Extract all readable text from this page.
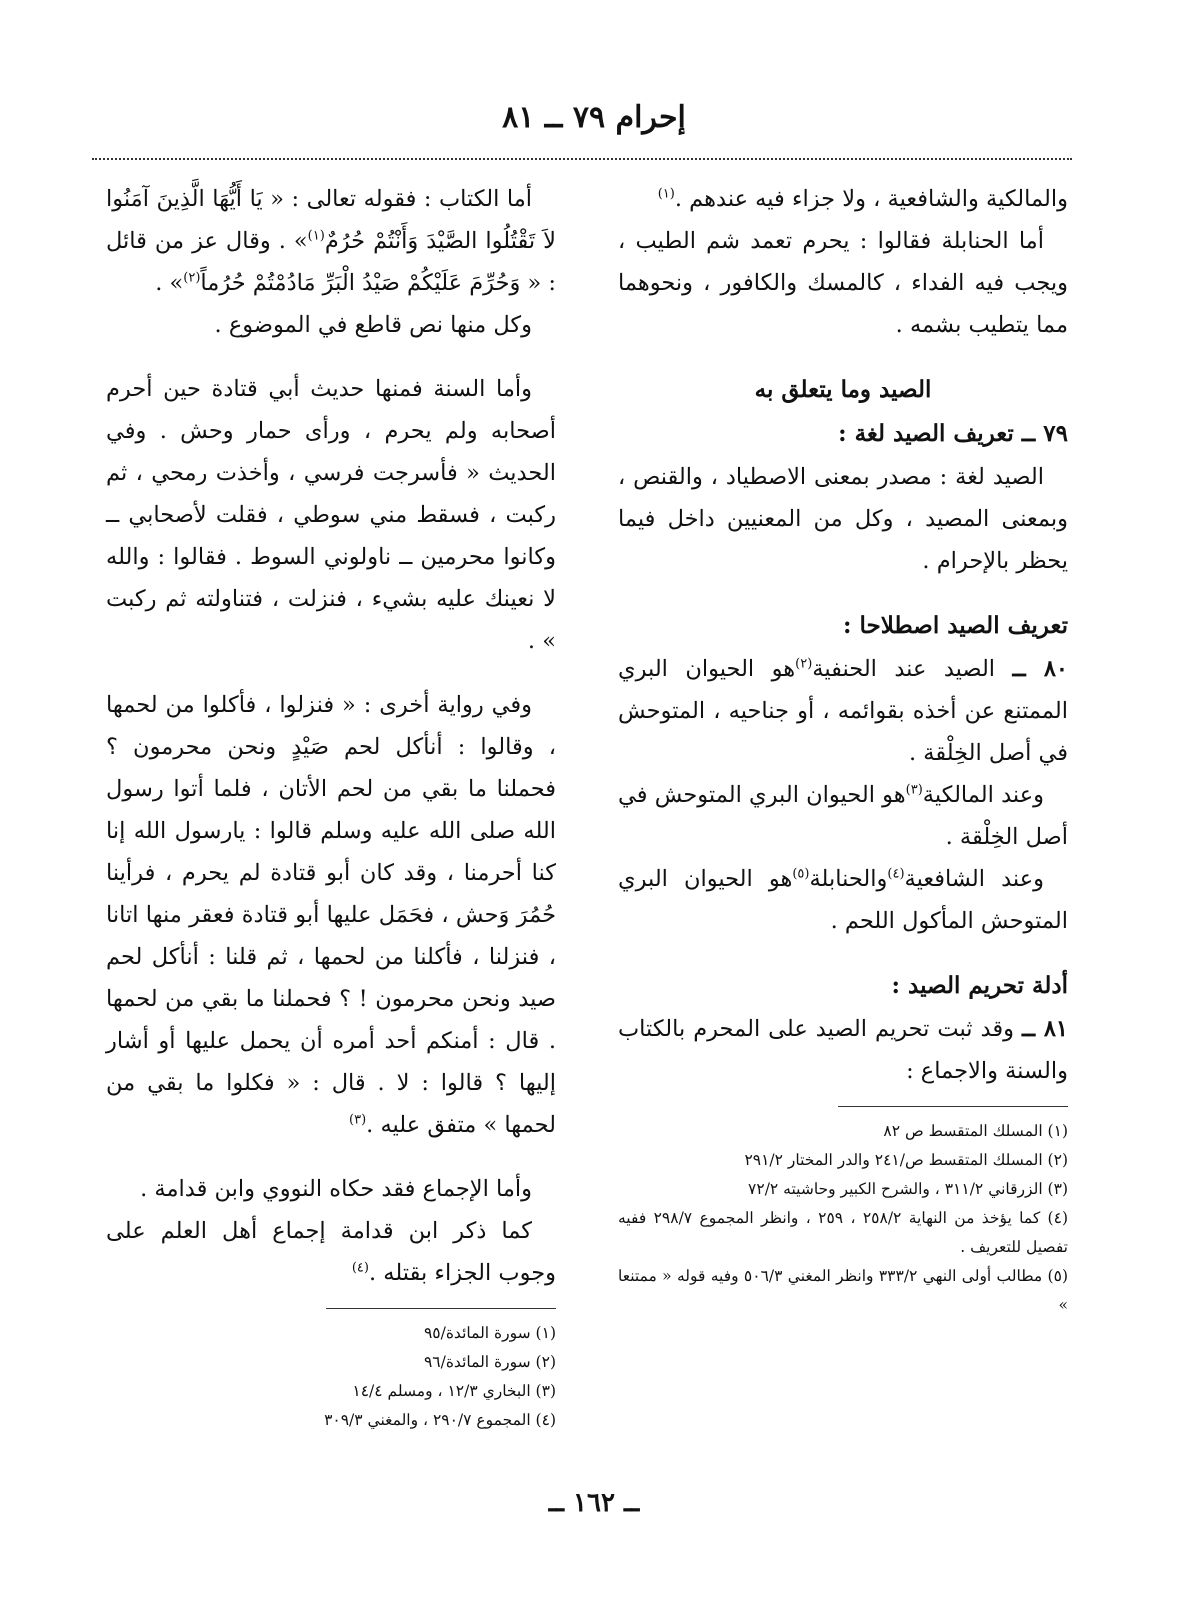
إحرام ٧٩ ــ ٨١

والمالكية والشافعية ، ولا جزاء فيه عندهم .$^{(١)}$

أما الحنابلة فقالوا : يحرم تعمد شم الطيب ، ويجب فيه الفداء ، كالمسك والكافور ، ونحوهما مما يتطيب بشمه .

الصيد وما يتعلق به

٧٩ ــ تعريف الصيد لغة :

الصيد لغة : مصدر بمعنى الاصطياد ، والقنص ، وبمعنى المصيد ، وكل من المعنيين داخل فيما يحظر بالإحرام .

تعريف الصيد اصطلاحا :

٨٠ ــ الصيد عند الحنفية$^{(٢)}$هو الحيوان البري الممتنع عن أخذه بقوائمه ، أو جناحيه ، المتوحش في أصل الخِلْقة .

وعند المالكية$^{(٣)}$هو الحيوان البري المتوحش في أصل الخِلْقة .

وعند الشافعية$^{(٤)}$والحنابلة$^{(٥)}$هو الحيوان البري المتوحش المأكول اللحم .

أدلة تحريم الصيد :

٨١ ــ وقد ثبت تحريم الصيد على المحرم بالكتاب والسنة والاجماع :

(١) المسلك المتقسط ص ٨٢

(٢) المسلك المتقسط ص/٢٤١ والدر المختار ٢٩١/٢

(٣) الزرقاني ٣١١/٢ ، والشرح الكبير وحاشيته ٧٢/٢

(٤) كما يؤخذ من النهاية ٢٥٨/٢ ، ٢٥٩ ، وانظر المجموع ٢٩٨/٧ ففيه تفصيل للتعريف .

(٥) مطالب أولى النهي ٣٣٣/٢ وانظر المغني ٥٠٦/٣ وفيه قوله « ممتنعا »

أما الكتاب : فقوله تعالى : « يَا أَيُّهَا الَّذِينَ آمَنُوا لاَ تَقْتُلُوا الصَّيْدَ وَأَنْتُمْ حُرُمٌ$^{(١)}$» . وقال عز من قائل : « وَحُرِّمَ عَلَيْكُمْ صَيْدُ الْبَرِّ مَادُمْتُمْ حُرُماً$^{(٢)}$» .

وكل منها نص قاطع في الموضوع .

وأما السنة فمنها حديث أبي قتادة حين أحرم أصحابه ولم يحرم ، ورأى حمار وحش . وفي الحديث « فأسرجت فرسي ، وأخذت رمحي ، ثم ركبت ، فسقط مني سوطي ، فقلت لأصحابي ــ وكانوا محرمين ــ ناولوني السوط . فقالوا : والله لا نعينك عليه بشيء ، فنزلت ، فتناولته ثم ركبت » .

وفي رواية أخرى : « فنزلوا ، فأكلوا من لحمها ، وقالوا : أنأكل لحم صَيْدٍ ونحن محرمون ؟ فحملنا ما بقي من لحم الأتان ، فلما أتوا رسول الله صلى الله عليه وسلم قالوا : يارسول الله إنا كنا أحرمنا ، وقد كان أبو قتادة لم يحرم ، فرأينا حُمُرَ وَحش ، فحَمَل عليها أبو قتادة فعقر منها اتانا ، فنزلنا ، فأكلنا من لحمها ، ثم قلنا : أنأكل لحم صيد ونحن محرمون ! ؟ فحملنا ما بقي من لحمها . قال : أمنكم أحد أمره أن يحمل عليها أو أشار إليها ؟ قالوا : لا . قال : « فكلوا ما بقي من لحمها » متفق عليه .$^{(٣)}$

وأما الإجماع فقد حكاه النووي وابن قدامة .

كما ذكر ابن قدامة إجماع أهل العلم على وجوب الجزاء بقتله .$^{(٤)}$

(١) سورة المائدة/٩٥

(٢) سورة المائدة/٩٦

(٣) البخاري ١٢/٣ ، ومسلم ١٤/٤

(٤) المجموع ٢٩٠/٧ ، والمغني ٣٠٩/٣

ــ ١٦٢ ــ
